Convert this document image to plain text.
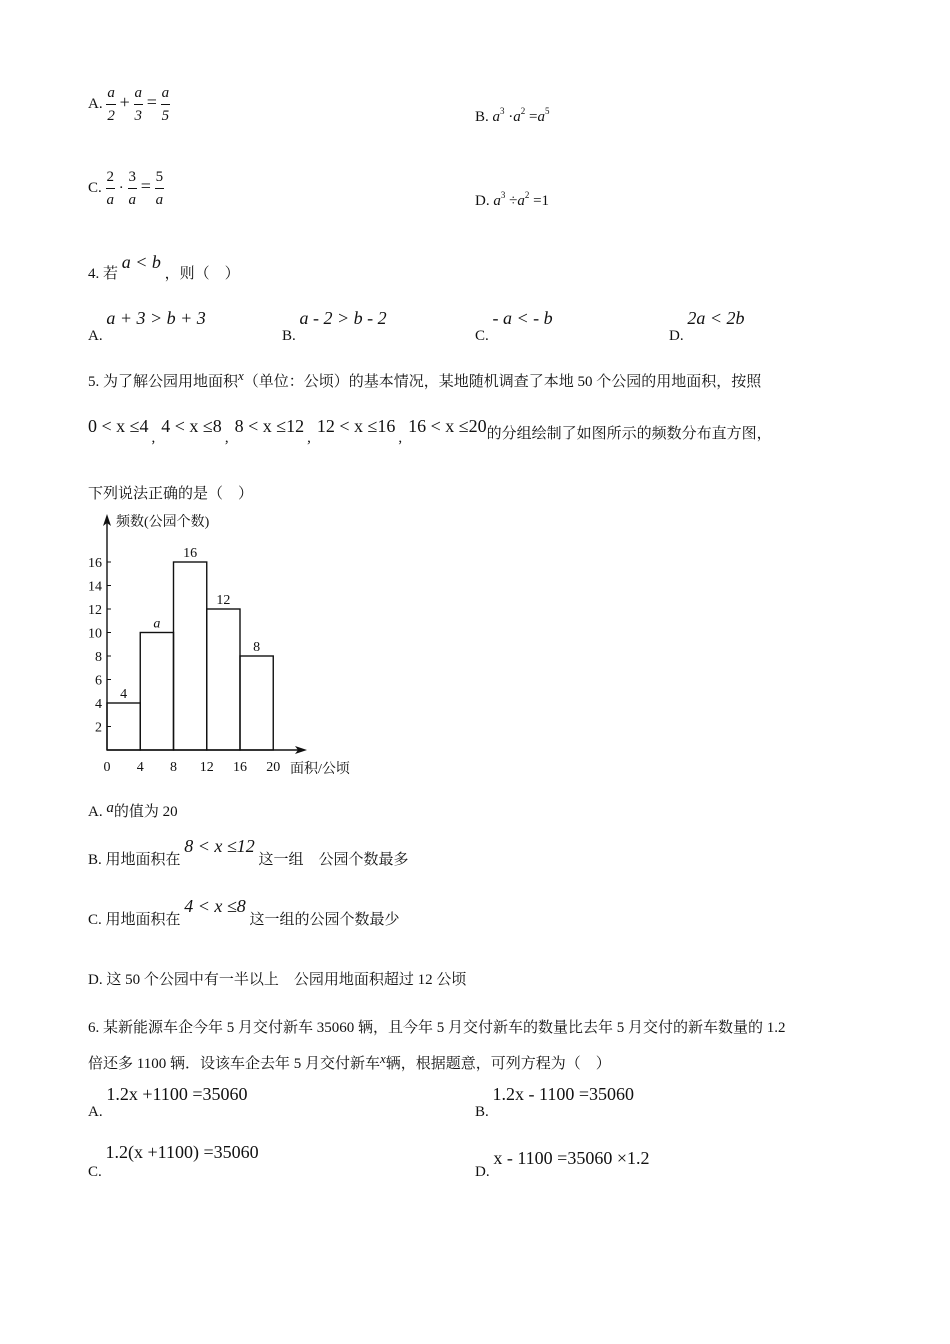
A. $\frac{a}{2} + \frac{a}{3} = \frac{a}{5}$	B. $a^3 \cdot a^2 =a^5$
C. $\frac{2}{a} \cdot \frac{3}{a} = \frac{5}{a}$	D. $a^3 \div a^2 =1$
4. 若 a < b ，则（　）
A. a + 3 > b + 3
B. a - 2 > b - 2
C. - a < - b
D. 2a < 2b
5. 为了解公园用地面积x（单位：公顷）的基本情况，某地随机调查了本地 50 个公园的用地面积，按照
0 < x ≤4,4 < x ≤8,8 < x ≤12,12 < x ≤16,16 < x ≤20的分组绘制了如图所示的频数分布直方图，
下列说法正确的是（　）
4
a
16
12
8
2
4
6
8
10
12
14
16
0 4 8 12 16 20
频数(公园个数)
面积/公顷
A. a的值为 20
B. 用地面积在 8 < x ≤12 这一组　公园个数最多
C. 用地面积在 4 < x ≤8 这一组的公园个数最少
D. 这 50 个公园中有一半以上　公园用地面积超过 12 公顷
6. 某新能源车企今年 5 月交付新车 35060 辆，且今年 5 月交付新车的数量比去年 5 月交付的新车数量的 1.2
倍还多 1100 辆．设该车企去年 5 月交付新车x辆，根据题意，可列方程为（　）
A. 1.2x +1100 =35060
B. 1.2x - 1100 =35060
C. 1.2(x +1100) =35060
D. x - 1100 =35060 ×1.2
